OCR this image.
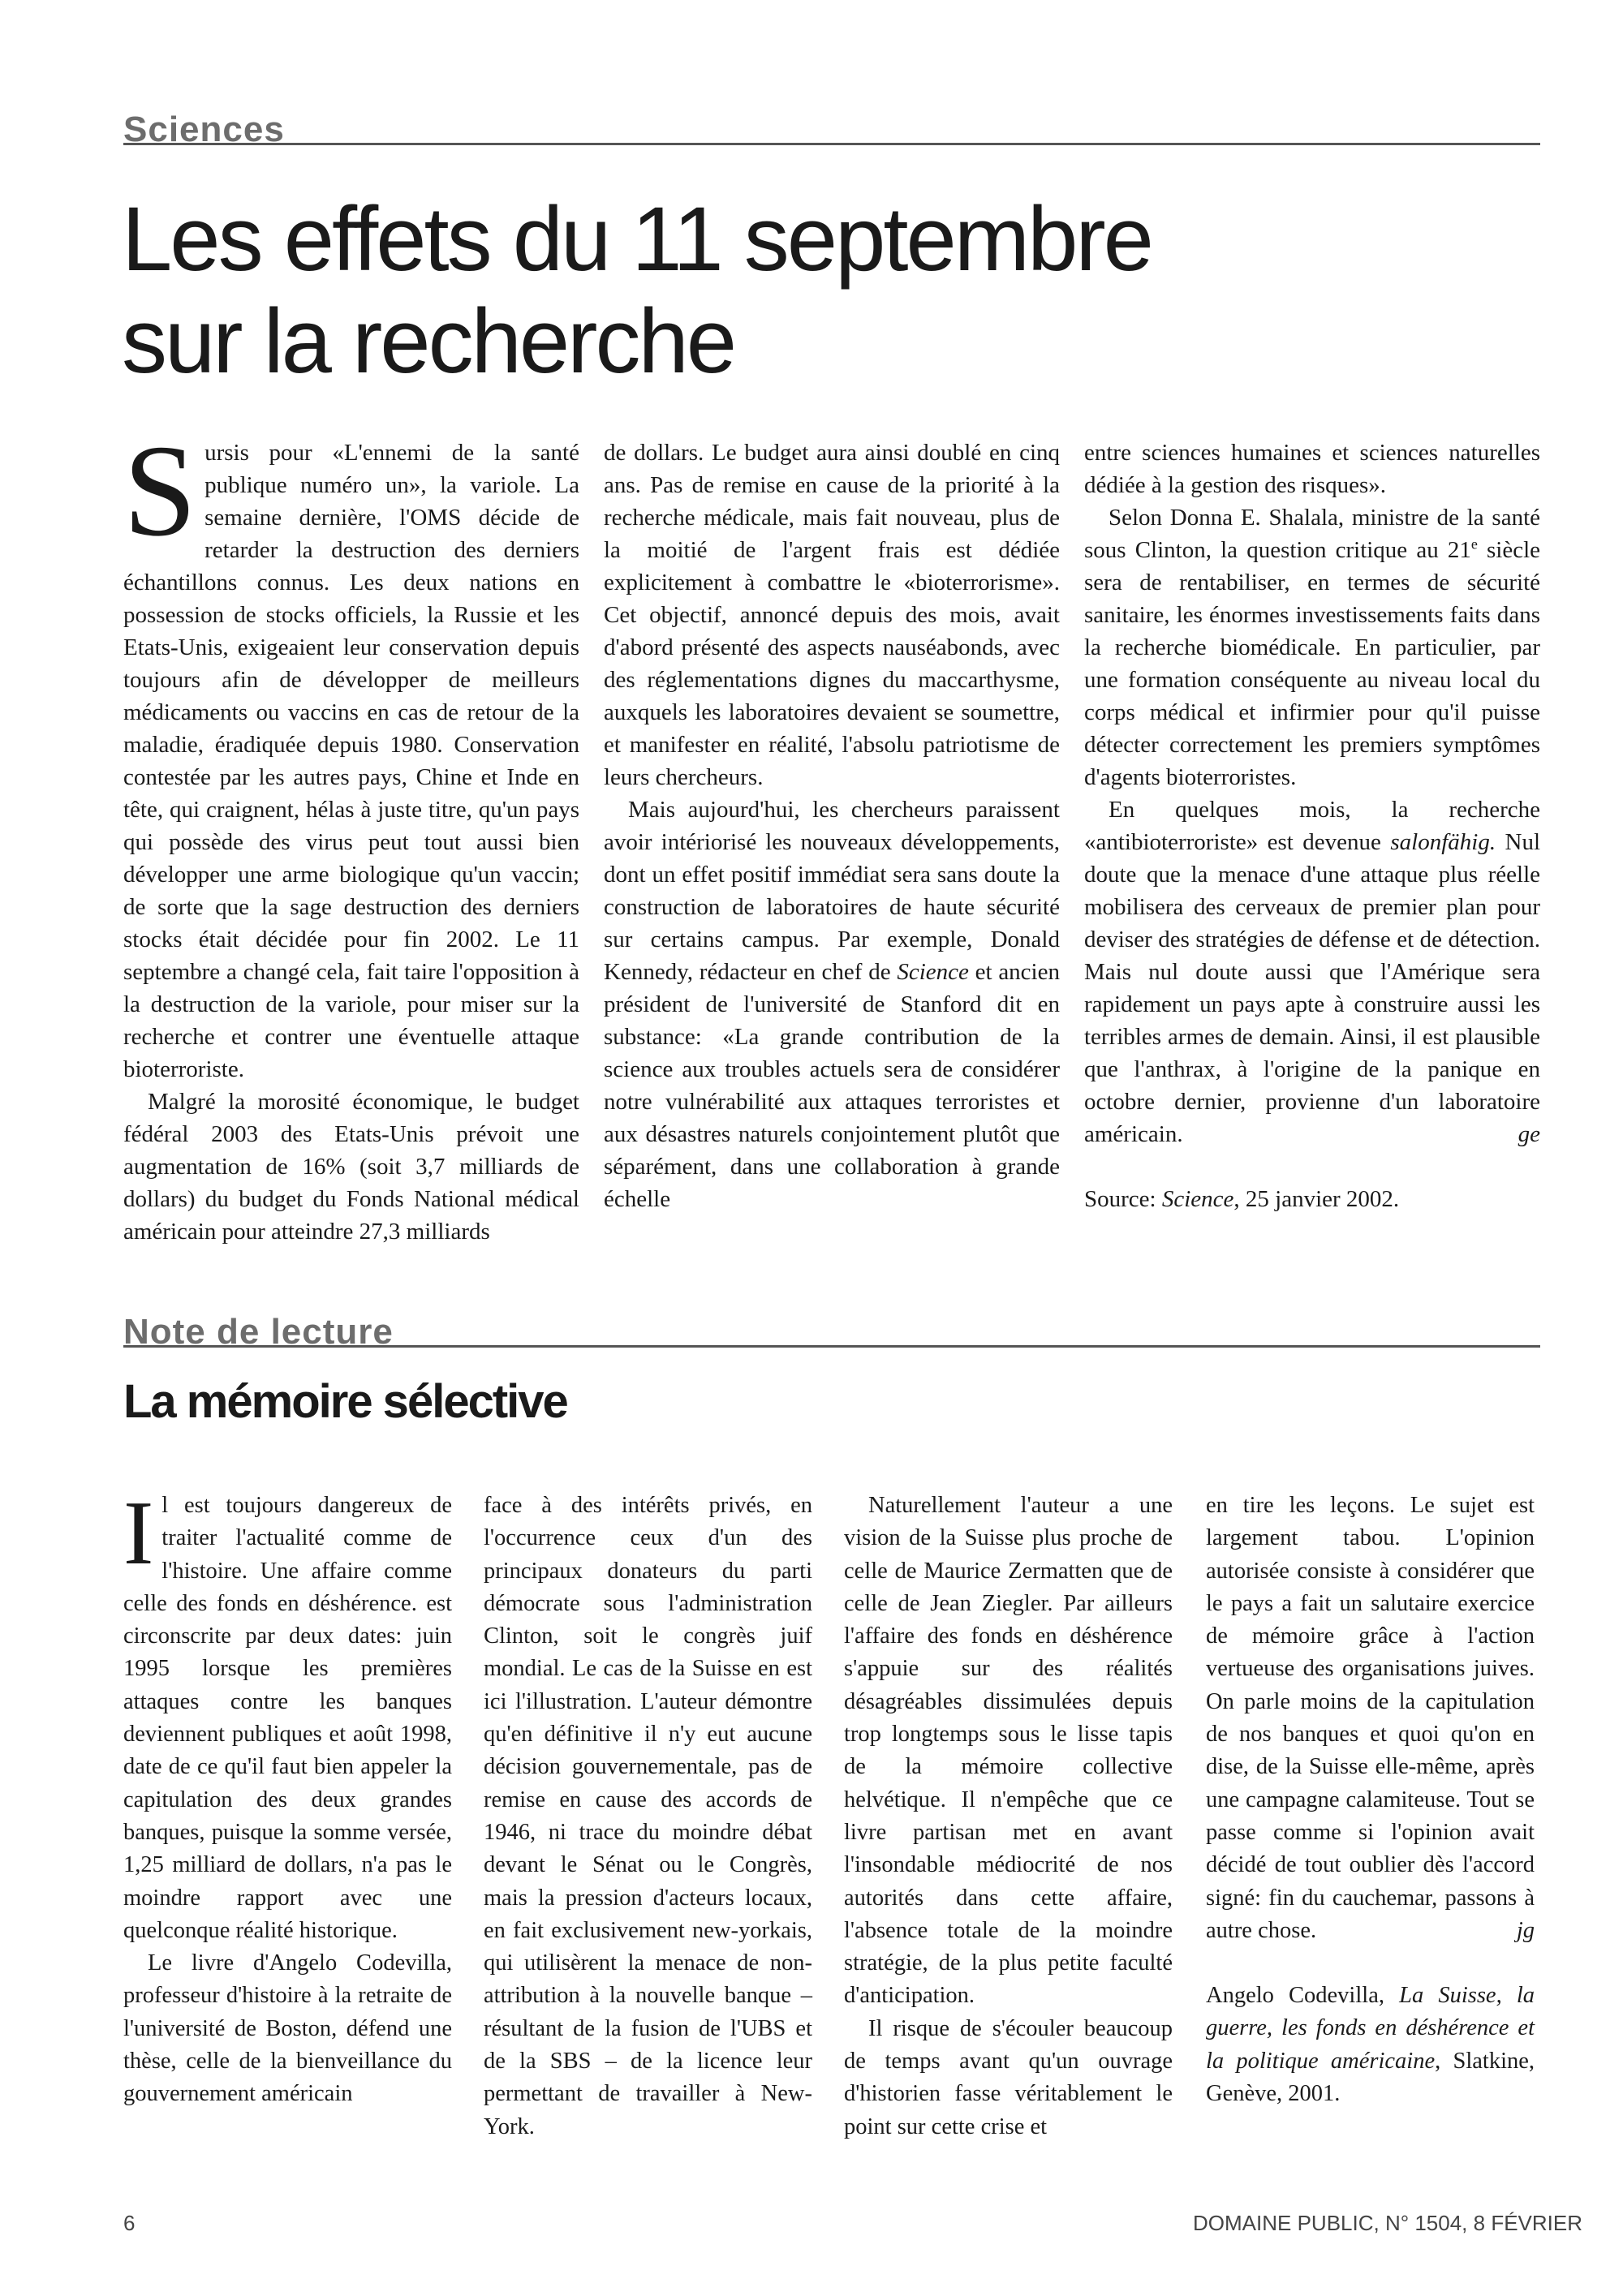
Sciences
Les effets du 11 septembre
sur la recherche

Sursis pour «L'ennemi de la santé publique numéro un», la variole. La semaine dernière, l'OMS décide de retarder la destruction des derniers échantillons connus. Les deux nations en possession de stocks officiels, la Russie et les Etats-Unis, exigeaient leur conservation depuis toujours afin de développer de meilleurs médicaments ou vaccins en cas de retour de la maladie, éradiquée depuis 1980. Conservation contestée par les autres pays, Chine et Inde en tête, qui craignent, hélas à juste titre, qu'un pays qui possède des virus peut tout aussi bien développer une arme biologique qu'un vaccin; de sorte que la sage destruction des derniers stocks était décidée pour fin 2002. Le 11 septembre a changé cela, fait taire l'opposition à la destruction de la variole, pour miser sur la recherche et contrer une éventuelle attaque bioterroriste.

Malgré la morosité économique, le budget fédéral 2003 des Etats-Unis prévoit une augmentation de 16% (soit 3,7 milliards de dollars) du budget du Fonds National médical américain pour atteindre 27,3 milliards

de dollars. Le budget aura ainsi doublé en cinq ans. Pas de remise en cause de la priorité à la recherche médicale, mais fait nouveau, plus de la moitié de l'argent frais est dédiée explicitement à combattre le «bioterrorisme». Cet objectif, annoncé depuis des mois, avait d'abord présenté des aspects nauséabonds, avec des réglementations dignes du maccarthysme, auxquels les laboratoires devaient se soumettre, et manifester en réalité, l'absolu patriotisme de leurs chercheurs.

Mais aujourd'hui, les chercheurs paraissent avoir intériorisé les nouveaux développements, dont un effet positif immédiat sera sans doute la construction de laboratoires de haute sécurité sur certains campus. Par exemple, Donald Kennedy, rédacteur en chef de Science et ancien président de l'université de Stanford dit en substance: «La grande contribution de la science aux troubles actuels sera de considérer notre vulnérabilité aux attaques terroristes et aux désastres naturels conjointement plutôt que séparément, dans une collaboration à grande échelle

entre sciences humaines et sciences naturelles dédiée à la gestion des risques».

Selon Donna E. Shalala, ministre de la santé sous Clinton, la question critique au 21e siècle sera de rentabiliser, en termes de sécurité sanitaire, les énormes investissements faits dans la recherche biomédicale. En particulier, par une formation conséquente au niveau local du corps médical et infirmier pour qu'il puisse détecter correctement les premiers symptômes d'agents bioterroristes.

En quelques mois, la recherche «antibioterroriste» est devenue salonfähig. Nul doute que la menace d'une attaque plus réelle mobilisera des cerveaux de premier plan pour deviser des stratégies de défense et de détection. Mais nul doute aussi que l'Amérique sera rapidement un pays apte à construire aussi les terribles armes de demain. Ainsi, il est plausible que l'anthrax, à l'origine de la panique en octobre dernier, provienne d'un laboratoire américain.	ge

Source: Science, 25 janvier 2002.

Note de lecture
La mémoire sélective

Il est toujours dangereux de traiter l'actualité comme de l'histoire. Une affaire comme celle des fonds en déshérence. est circonscrite par deux dates: juin 1995 lorsque les premières attaques contre les banques deviennent publiques et août 1998, date de ce qu'il faut bien appeler la capitulation des deux grandes banques, puisque la somme versée, 1,25 milliard de dollars, n'a pas le moindre rapport avec une quelconque réalité historique.

Le livre d'Angelo Codevilla, professeur d'histoire à la retraite de l'université de Boston, défend une thèse, celle de la bienveillance du gouvernement américain

face à des intérêts privés, en l'occurrence ceux d'un des principaux donateurs du parti démocrate sous l'administration Clinton, soit le congrès juif mondial. Le cas de la Suisse en est ici l'illustration. L'auteur démontre qu'en définitive il n'y eut aucune décision gouvernementale, pas de remise en cause des accords de 1946, ni trace du moindre débat devant le Sénat ou le Congrès, mais la pression d'acteurs locaux, en fait exclusivement new-yorkais, qui utilisèrent la menace de non-attribution à la nouvelle banque – résultant de la fusion de l'UBS et de la SBS – de la licence leur permettant de travailler à New-York.

Naturellement l'auteur a une vision de la Suisse plus proche de celle de Maurice Zermatten que de celle de Jean Ziegler. Par ailleurs l'affaire des fonds en déshérence s'appuie sur des réalités désagréables dissimulées depuis trop longtemps sous le lisse tapis de la mémoire collective helvétique. Il n'empêche que ce livre partisan met en avant l'insondable médiocrité de nos autorités dans cette affaire, l'absence totale de la moindre stratégie, de la plus petite faculté d'anticipation.

Il risque de s'écouler beaucoup de temps avant qu'un ouvrage d'historien fasse véritablement le point sur cette crise et

en tire les leçons. Le sujet est largement tabou. L'opinion autorisée consiste à considérer que le pays a fait un salutaire exercice de mémoire grâce à l'action vertueuse des organisations juives. On parle moins de la capitulation de nos banques et quoi qu'on en dise, de la Suisse elle-même, après une campagne calamiteuse. Tout se passe comme si l'opinion avait décidé de tout oublier dès l'accord signé: fin du cauchemar, passons à autre chose.	jg

Angelo Codevilla, La Suisse, la guerre, les fonds en déshérence et la politique américaine, Slatkine, Genève, 2001.

6	DOMAINE PUBLIC, N° 1504, 8 FÉVRIER
